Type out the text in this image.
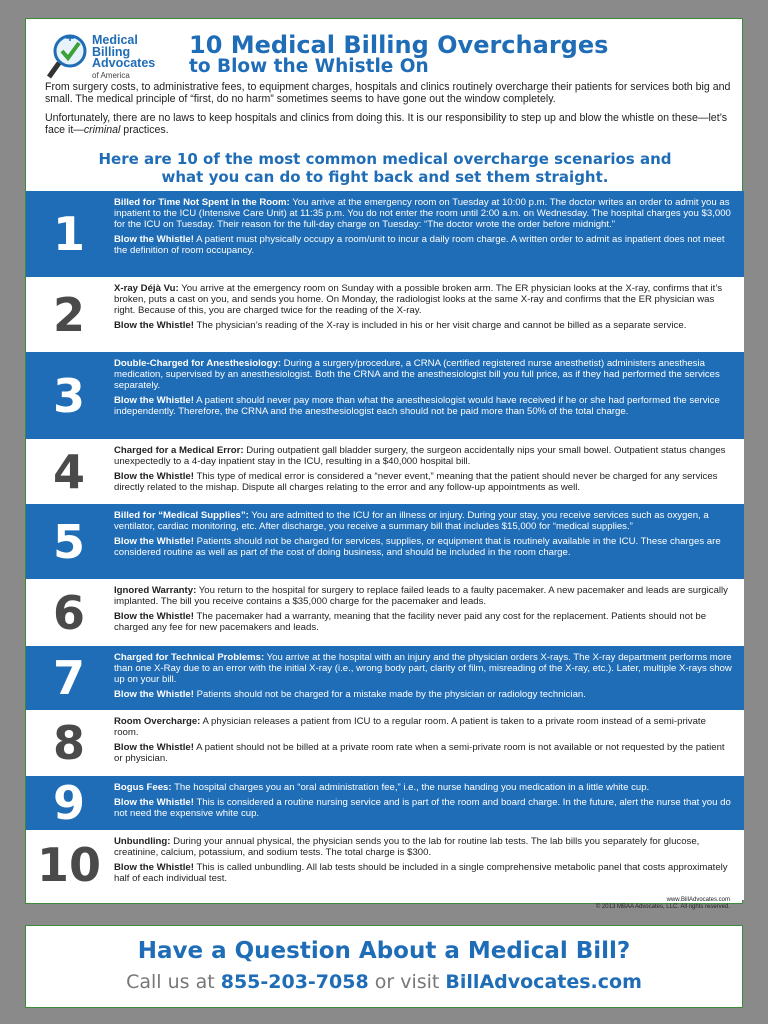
Medical
Billing
Advocates
of America
10 Medical Billing Overcharges
to Blow the Whistle On

From surgery costs, to administrative fees, to equipment charges, hospitals and clinics routinely overcharge their patients for services both big and small. The medical principle of “first, do no harm” sometimes seems to have gone out the window completely.

Unfortunately, there are no laws to keep hospitals and clinics from doing this. It is our responsibility to step up and blow the whistle on these—let’s face it—criminal practices.

Here are 10 of the most common medical overcharge scenarios and
what you can do to fight back and set them straight.
1

Billed for Time Not Spent in the Room: You arrive at the emergency room on Tuesday at 10:00 p.m. The doctor writes an order to admit you as inpatient to the ICU (Intensive Care Unit) at 11:35 p.m. You do not enter the room until 2:00 a.m. on Wednesday. The hospital charges you $3,000 for the ICU on Tuesday. Their reason for the full-day charge on Tuesday: “The doctor wrote the order before midnight.”

Blow the Whistle! A patient must physically occupy a room/unit to incur a daily room charge. A written order to admit as inpatient does not meet the definition of room occupancy.

2	X-ray Déjà Vu: You arrive at the emergency room on Sunday with a possible broken arm. The ER physician looks at the X-ray, confirms that it’s broken, puts a cast on you, and sends you home. On Monday, the radiologist looks at the same X-ray and confirms that the ER physician was right. Because of this, you are charged twice for the reading of the X-ray.

Blow the Whistle! The physician’s reading of the X-ray is included in his or her visit charge and cannot be billed as a separate service.

3

Double-Charged for Anesthesiology: During a surgery/procedure, a CRNA (certified registered nurse anesthetist) administers anesthesia medication, supervised by an anesthesiologist. Both the CRNA and the anesthesiologist bill you full price, as if they had performed the services separately.

Blow the Whistle! A patient should never pay more than what the anesthesiologist would have received if he or she had performed the service independently. Therefore, the CRNA and the anesthesiologist each should not be paid more than 50% of the total charge.

4	Charged for a Medical Error: During outpatient gall bladder surgery, the surgeon accidentally nips your small bowel. Outpatient status changes unexpectedly to a 4-day inpatient stay in the ICU, resulting in a $40,000 hospital bill.

Blow the Whistle! This type of medical error is considered a “never event,” meaning that the patient should never be charged for any services directly related to the mishap. Dispute all charges relating to the error and any follow-up appointments as well.

5	Billed for “Medical Supplies”: You are admitted to the ICU for an illness or injury. During your stay, you receive services such as oxygen, a ventilator, cardiac monitoring, etc. After discharge, you receive a summary bill that includes $15,000 for “medical supplies.”

Blow the Whistle! Patients should not be charged for services, supplies, or equipment that is routinely available in the ICU. These charges are considered routine as well as part of the cost of doing business, and should be included in the room charge.

6	Ignored Warranty: You return to the hospital for surgery to replace failed leads to a faulty pacemaker. A new pacemaker and leads are surgically implanted. The bill you receive contains a $35,000 charge for the pacemaker and leads.

Blow the Whistle! The pacemaker had a warranty, meaning that the facility never paid any cost for the replacement. Patients should not be charged any fee for new pacemakers and leads.

7	Charged for Technical Problems: You arrive at the hospital with an injury and the physician orders X-rays. The X-ray department performs more than one X-Ray due to an error with the initial X-ray (i.e., wrong body part, clarity of film, misreading of the X-ray, etc.). Later, multiple X-rays show up on your bill.

Blow the Whistle! Patients should not be charged for a mistake made by the physician or radiology technician.

8	Room Overcharge: A physician releases a patient from ICU to a regular room. A patient is taken to a private room instead of a semi-private room.

Blow the Whistle! A patient should not be billed at a private room rate when a semi-private room is not available or not requested by the patient or physician.

9	Bogus Fees: The hospital charges you an “oral administration fee,” i.e., the nurse handing you medication in a little white cup.

Blow the Whistle! This is considered a routine nursing service and is part of the room and board charge. In the future, alert the nurse that you do not need the expensive white cup.

10	Unbundling: During your annual physical, the physician sends you to the lab for routine lab tests. The lab bills you separately for glucose, creatinine, calcium, potassium, and sodium tests. The total charge is $300.

Blow the Whistle! This is called unbundling. All lab tests should be included in a single comprehensive metabolic panel that costs approximately half of each individual test.

www.BillAdvocates.com
© 2013 MBAA Advocates, LLC. All rights reserved.
Have a Question About a Medical Bill?
Call us at 855-203-7058 or visit BillAdvocates.com
